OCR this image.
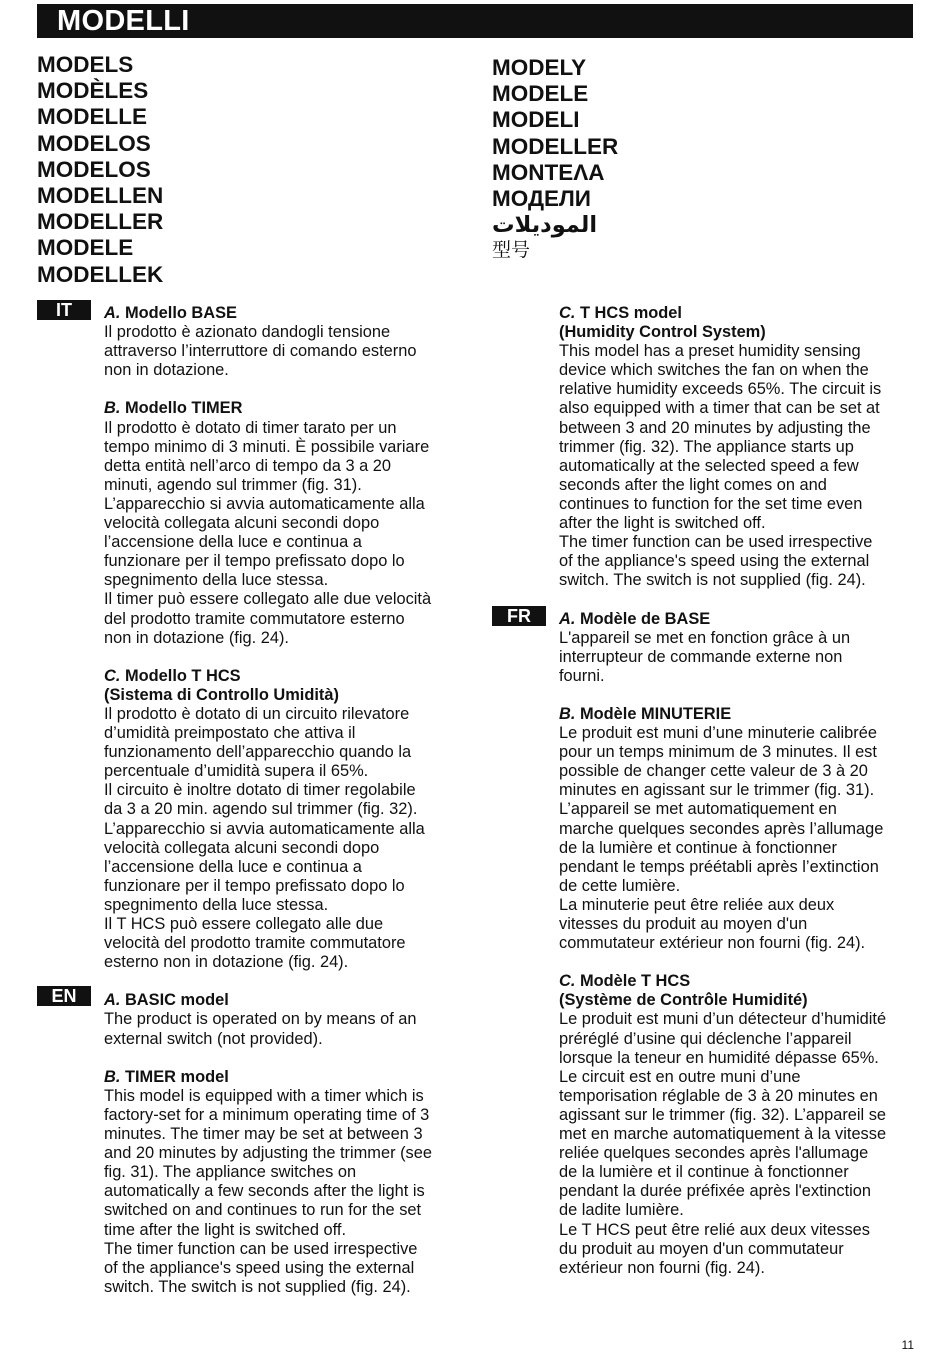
MODELLI
MODELS
MODÈLES
MODELLE
MODELOS
MODELOS
MODELLEN
MODELLER
MODELE
MODELLEK
MODELY
MODELE
MODELI
MODELLER
ΜΟΝΤΕΛΑ
МОДЕЛИ
الموديلات
型号
IT
EN
FR
A. Modello BASE
Il prodotto è azionato dandogli tensione
attraverso l’interruttore di comando esterno
non in dotazione.
B. Modello TIMER
Il prodotto è dotato di timer tarato per un
tempo minimo di 3 minuti. È possibile variare
detta entità nell’arco di tempo da 3 a 20
minuti, agendo sul trimmer (fig. 31).
L’apparecchio si avvia automaticamente alla
velocità collegata alcuni secondi dopo
l’accensione della luce e continua a
funzionare per il tempo prefissato dopo lo
spegnimento della luce stessa.
Il timer può essere collegato alle due velocità
del prodotto tramite commutatore esterno
non in dotazione (fig. 24).
C. Modello T HCS
(Sistema di Controllo Umidità)
Il prodotto è dotato di un circuito rilevatore
d’umidità preimpostato che attiva il
funzionamento dell’apparecchio quando la
percentuale d’umidità supera il 65%.
Il circuito è inoltre dotato di timer regolabile
da 3 a 20 min. agendo sul trimmer (fig. 32).
L’apparecchio si avvia automaticamente alla
velocità collegata alcuni secondi dopo
l’accensione della luce e continua a
funzionare per il tempo prefissato dopo lo
spegnimento della luce stessa.
Il T HCS può essere collegato alle due
velocità del prodotto tramite commutatore
esterno non in dotazione (fig. 24).
A. BASIC model
The product is operated on by means of an
external switch (not provided).
B. TIMER model
This model is equipped with a timer which is
factory-set for a minimum operating time of 3
minutes. The timer may be set at between 3
and 20 minutes by adjusting the trimmer (see
fig. 31). The appliance switches on
automatically a few seconds after the light is
switched on and continues to run for the set
time after the light is switched off.
The timer function can be used irrespective
of the appliance's speed using the external
switch. The switch is not supplied (fig. 24).
C. T HCS model
(Humidity Control System)
This model has a preset humidity sensing
device which switches the fan on when the
relative humidity exceeds 65%. The circuit is
also equipped with a timer that can be set at
between 3 and 20 minutes by adjusting the
trimmer (fig. 32). The appliance starts up
automatically at the selected speed a few
seconds after the light comes on and
continues to function for the set time even
after the light is switched off.
The timer function can be used irrespective
of the appliance's speed using the external
switch. The switch is not supplied (fig. 24).
A. Modèle de BASE
L'appareil se met en fonction grâce à un
interrupteur de commande externe non
fourni.
B. Modèle MINUTERIE
Le produit est muni d’une minuterie calibrée
pour un temps minimum de 3 minutes. Il est
possible de changer cette valeur de 3 à 20
minutes en agissant sur le trimmer (fig. 31).
L’appareil se met automatiquement en
marche quelques secondes après l’allumage
de la lumière et continue à fonctionner
pendant le temps préétabli après l’extinction
de cette lumière.
La minuterie peut être reliée aux deux
vitesses du produit au moyen d'un
commutateur extérieur non fourni (fig. 24).
C. Modèle T HCS
(Système de Contrôle Humidité)
Le produit est muni d’un détecteur d’humidité
préréglé d’usine qui déclenche l’appareil
lorsque la teneur en humidité dépasse 65%.
Le circuit est en outre muni d’une
temporisation réglable de 3 à 20 minutes en
agissant sur le trimmer (fig. 32). L’appareil se
met en marche automatiquement à la vitesse
reliée quelques secondes après l'allumage
de la lumière et il continue à fonctionner
pendant la durée préfixée après l'extinction
de ladite lumière.
Le T HCS peut être relié aux deux vitesses
du produit au moyen d'un commutateur
extérieur non fourni (fig. 24).
11
